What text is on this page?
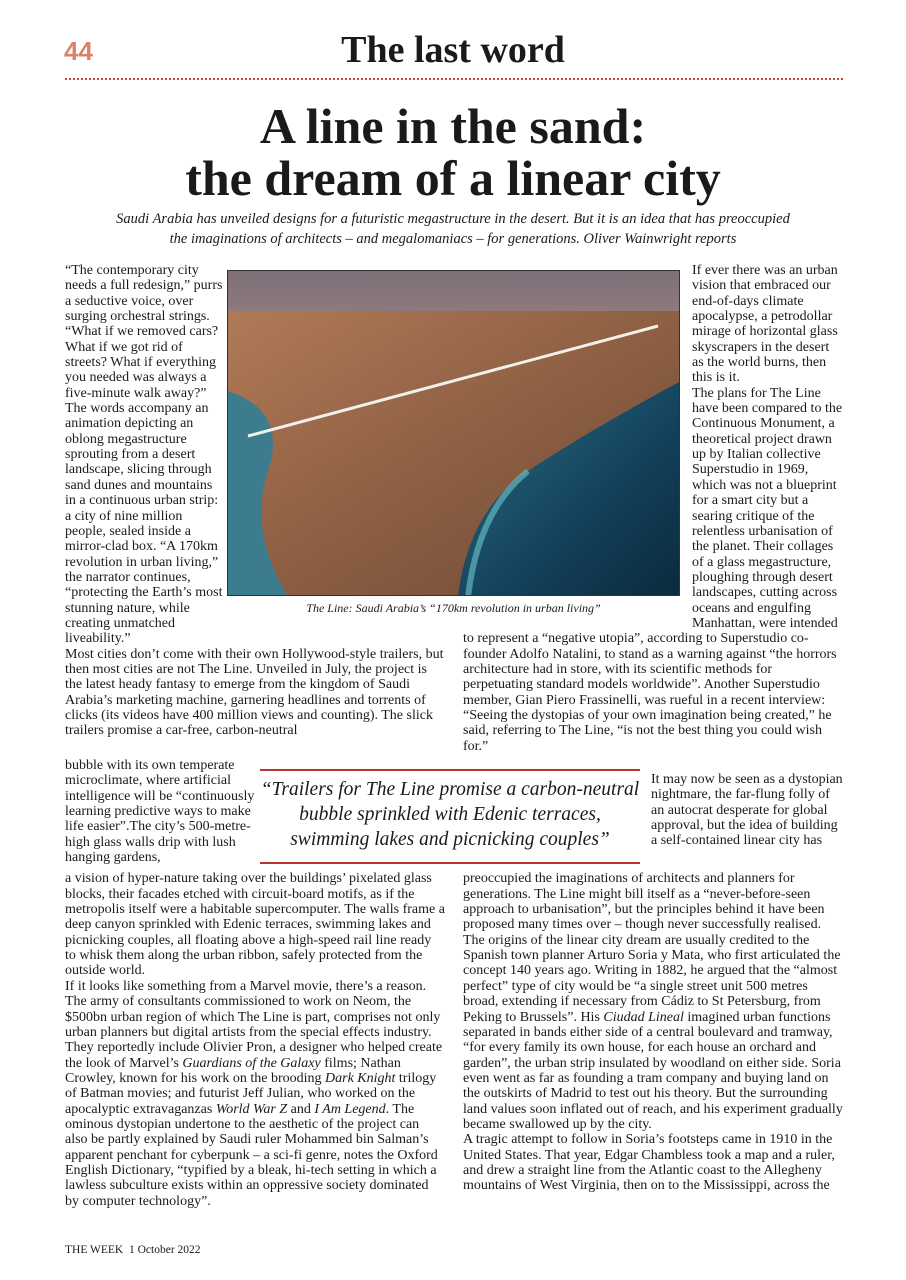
44	The last word
A line in the sand:
the dream of a linear city
Saudi Arabia has unveiled designs for a futuristic megastructure in the desert. But it is an idea that has preoccupied
the imaginations of architects – and megalomaniacs – for generations. Oliver Wainwright reports

“The contemporary city needs a full redesign,” purrs a seductive voice, over surging orchestral strings. “What if we removed cars? What if we got rid of streets? What if everything you needed was always a five-minute walk away?” The words accompany an animation depicting an oblong megastructure sprouting from a desert landscape, slicing through sand dunes and mountains in a continuous urban strip: a city of nine million people, sealed inside a mirror-clad box. “A 170km revolution in urban living,” the narrator continues, “protecting the Earth’s most stunning nature, while creating unmatched liveability.”

Most cities don’t come with their own Hollywood-style trailers, but then most cities are not The Line. Unveiled in July, the project is the latest heady fantasy to emerge from the kingdom of Saudi Arabia’s marketing machine, garnering headlines and torrents of clicks (its videos have 400 million views and counting). The slick trailers promise a car-free, carbon-neutral

If ever there was an urban vision that embraced our end-of-days climate apocalypse, a petrodollar mirage of horizontal glass skyscrapers in the desert as the world burns, then this is it.

The plans for The Line have been compared to the Continuous Monument, a theoretical project drawn up by Italian collective Superstudio in 1969, which was not a blueprint for a smart city but a searing critique of the relentless urbanisation of the planet. Their collages of a glass megastructure, ploughing through desert landscapes, cutting across oceans and engulfing Manhattan, were intended to represent a “negative utopia”, according to Superstudio co-founder Adolfo Natalini, to stand as a warning against “the horrors architecture had in store, with its scientific methods for perpetuating standard models worldwide”. Another Superstudio member, Gian Piero Frassinelli, was rueful in a recent interview: “Seeing the dystopias of your own imagination being created,” he said, referring to The Line, “is not the best thing you could wish for.”

bubble with its own temperate microclimate, where artificial intelligence will be “continuously learning predictive ways to make life easier”.The city’s 500-metre-high glass walls drip with lush hanging gardens,
“Trailers for The Line promise a carbon-neutral bubble sprinkled with Edenic terraces, swimming lakes and picnicking couples”
It may now be seen as a dystopian nightmare, the far-flung folly of an autocrat desperate for global approval, but the idea of building a self-contained linear city has

a vision of hyper-nature taking over the buildings’ pixelated glass blocks, their facades etched with circuit-board motifs, as if the metropolis itself were a habitable supercomputer. The walls frame a deep canyon sprinkled with Edenic terraces, swimming lakes and picnicking couples, all floating above a high-speed rail line ready to whisk them along the urban ribbon, safely protected from the outside world.

If it looks like something from a Marvel movie, there’s a reason. The army of consultants commissioned to work on Neom, the $500bn urban region of which The Line is part, comprises not only urban planners but digital artists from the special effects industry. They reportedly include Olivier Pron, a designer who helped create the look of Marvel’s Guardians of the Galaxy films; Nathan Crowley, known for his work on the brooding Dark Knight trilogy of Batman movies; and futurist Jeff Julian, who worked on the apocalyptic extravaganzas World War Z and I Am Legend. The ominous dystopian undertone to the aesthetic of the project can also be partly explained by Saudi ruler Mohammed bin Salman’s apparent penchant for cyberpunk – a sci-fi genre, notes the Oxford English Dictionary, “typified by a bleak, hi-tech setting in which a lawless subculture exists within an oppressive society dominated by computer technology”.

preoccupied the imaginations of architects and planners for generations. The Line might bill itself as a “never-before-seen approach to urbanisation”, but the principles behind it have been proposed many times over – though never successfully realised.

The origins of the linear city dream are usually credited to the Spanish town planner Arturo Soria y Mata, who first articulated the concept 140 years ago. Writing in 1882, he argued that the “almost perfect” type of city would be “a single street unit 500 metres broad, extending if necessary from Cádiz to St Petersburg, from Peking to Brussels”. His Ciudad Lineal imagined urban functions separated in bands either side of a central boulevard and tramway, “for every family its own house, for each house an orchard and garden”, the urban strip insulated by woodland on either side. Soria even went as far as founding a tram company and buying land on the outskirts of Madrid to test out his theory. But the surrounding land values soon inflated out of reach, and his experiment gradually became swallowed up by the city.

A tragic attempt to follow in Soria’s footsteps came in 1910 in the United States. That year, Edgar Chambless took a map and a ruler, and drew a straight line from the Atlantic coast to the Allegheny mountains of West Virginia, then on to the Mississippi, across the

THE WEEK 1 October 2022
The Line: Saudi Arabia’s “170km revolution in urban living”
